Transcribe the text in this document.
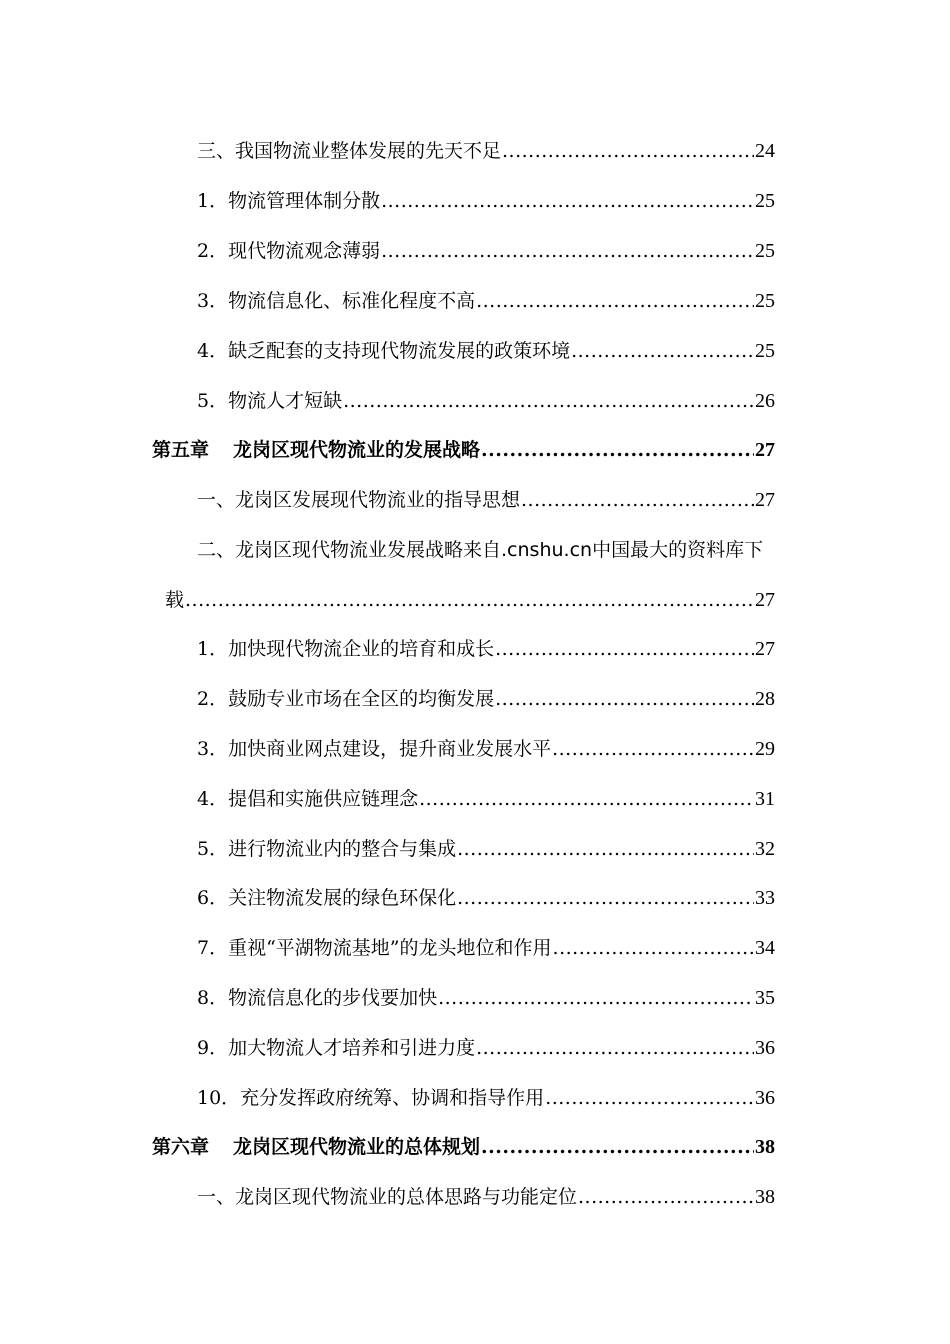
三、我国物流业整体发展的先天不足 .....	24
1．物流管理体制分散 .....	25
2．现代物流观念薄弱 .....	25
3．物流信息化、标准化程度不高 .....	25
4．缺乏配套的支持现代物流发展的政策环境 .....	25
5．物流人才短缺 .....	26
第五章 龙岗区现代物流业的发展战略 .....	27
一、龙岗区发展现代物流业的指导思想 .....	27
二、龙岗区现代物流业发展战略来自.cnshu.cn中国最大的资料库下
载 .....	27
1．加快现代物流企业的培育和成长 .....	27
2．鼓励专业市场在全区的均衡发展 .....	28
3．加快商业网点建设，提升商业发展水平 .....	29
4．提倡和实施供应链理念 .....	31
5．进行物流业内的整合与集成 .....	32
6．关注物流发展的绿色环保化 .....	33
7．重视“平湖物流基地”的龙头地位和作用 .....	34
8．物流信息化的步伐要加快 .....	35
9．加大物流人才培养和引进力度 .....	36
10．充分发挥政府统筹、协调和指导作用 .....	36
第六章 龙岗区现代物流业的总体规划 .....	38
一、龙岗区现代物流业的总体思路与功能定位 .....	38
